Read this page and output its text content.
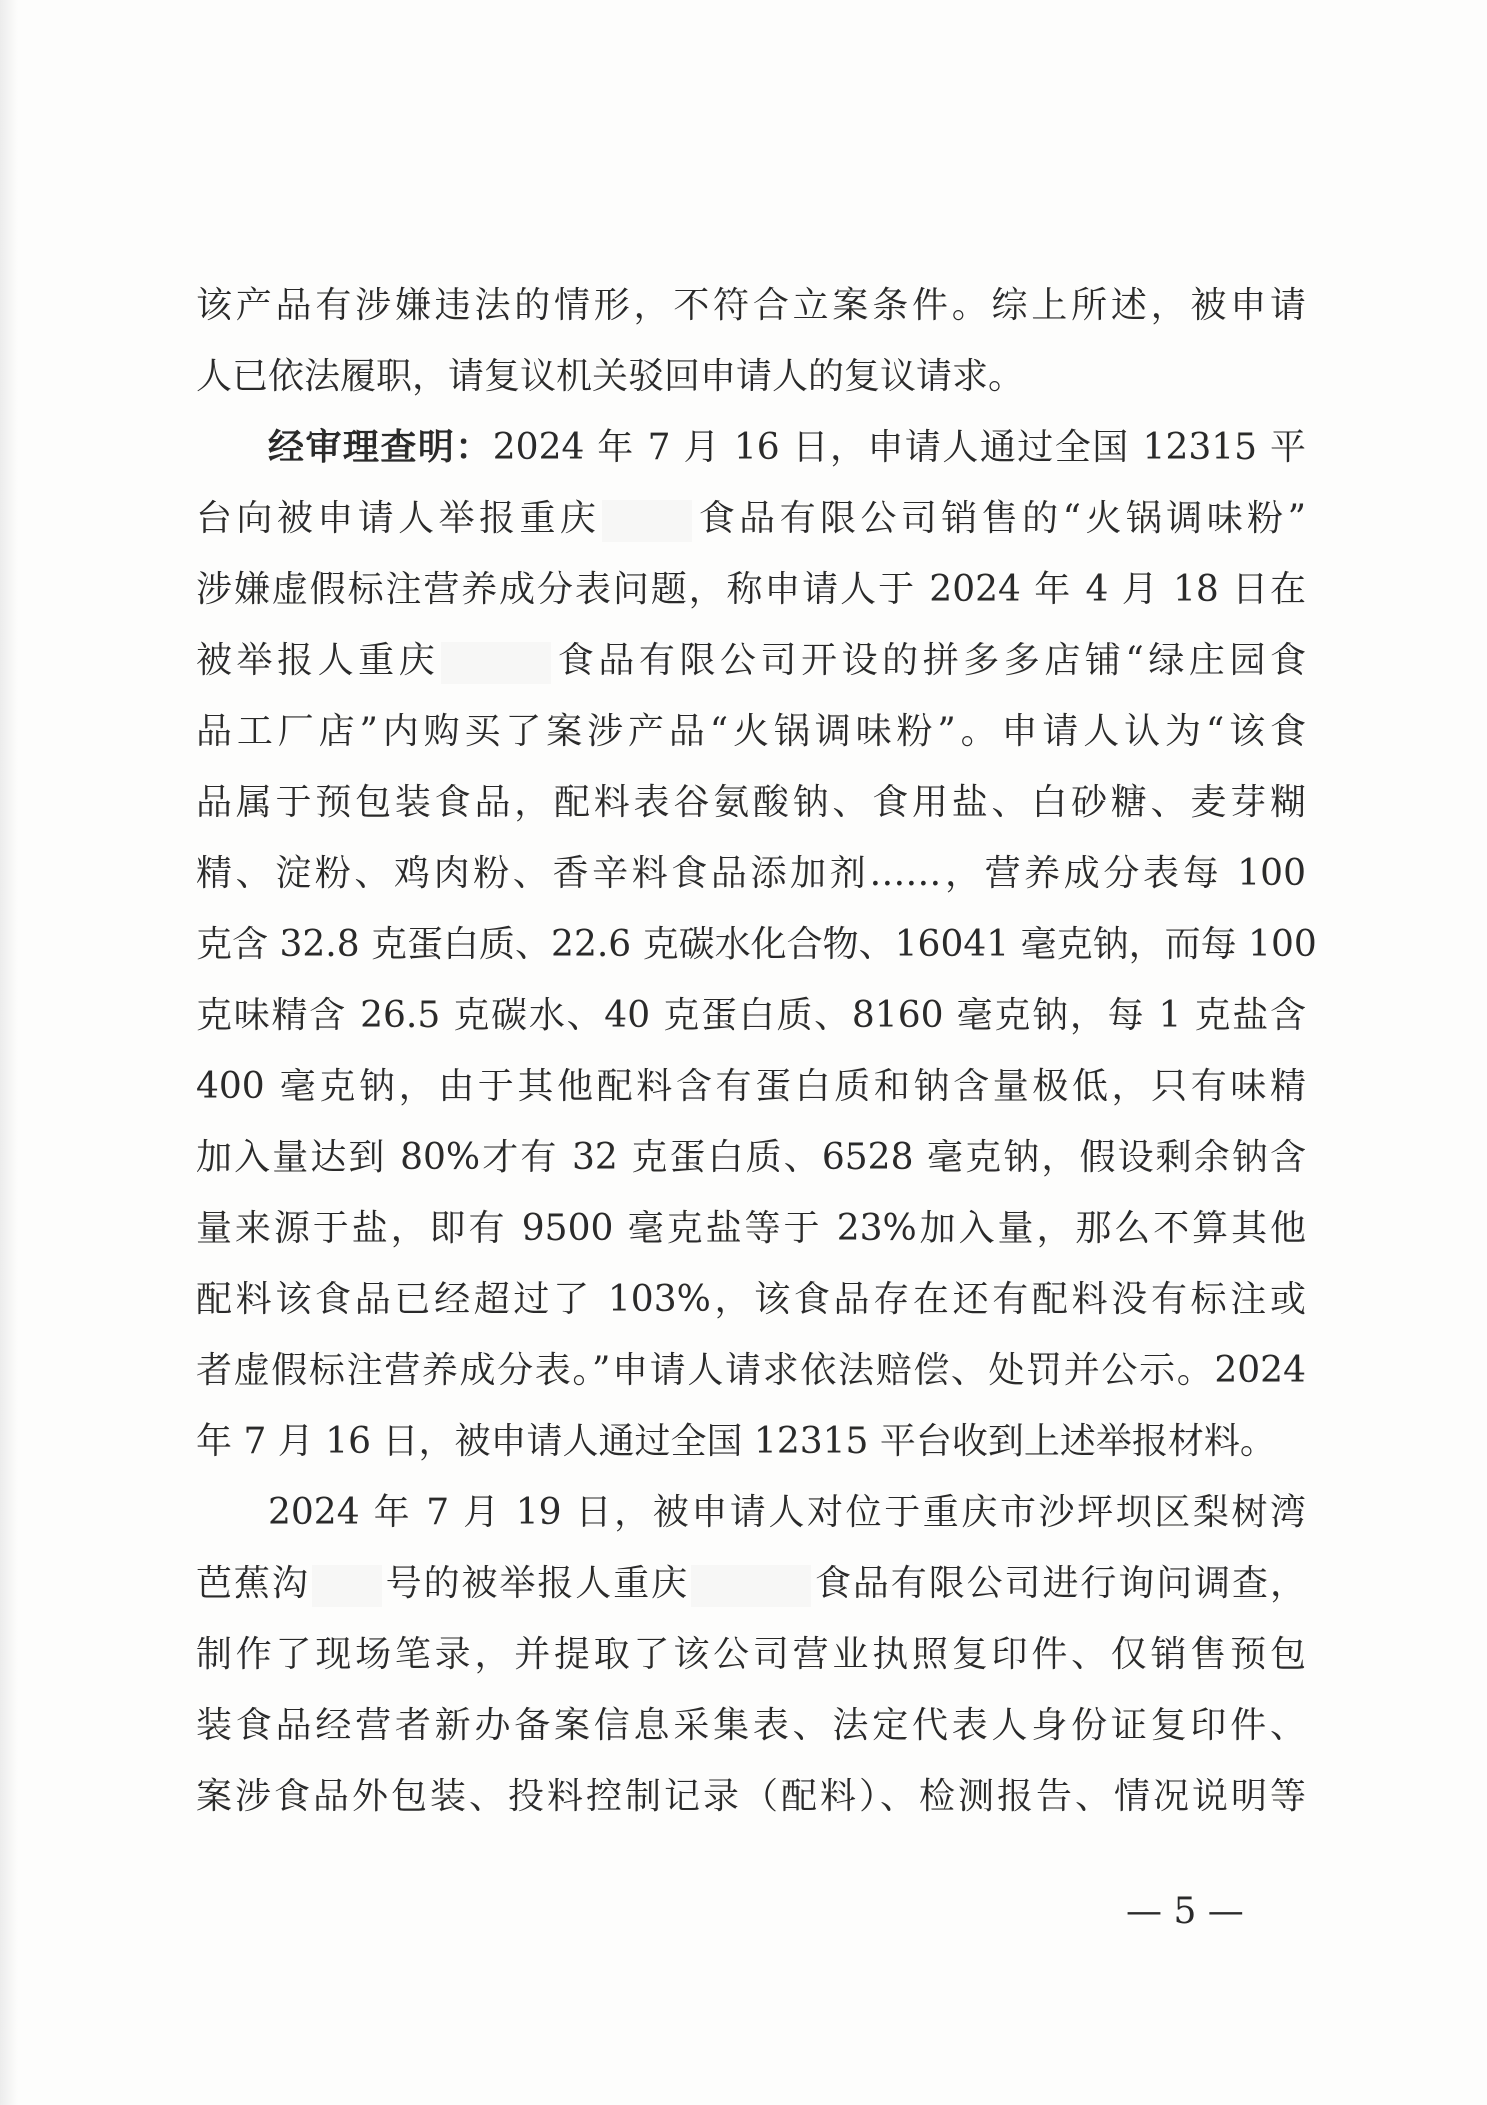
该产品有涉嫌违法的情形，不符合立案条件。综上所述，被申请
人已依法履职，请复议机关驳回申请人的复议请求。
经审理查明：2024 年 7 月 16 日，申请人通过全国 12315 平
台向被申请人举报重庆	食品有限公司销售的“火锅调味粉”
涉嫌虚假标注营养成分表问题，称申请人于 2024 年 4 月 18 日在
被举报人重庆	食品有限公司开设的拼多多店铺“绿庄园食
品工厂店”内购买了案涉产品“火锅调味粉”。申请人认为“该食
品属于预包装食品，配料表谷氨酸钠、食用盐、白砂糖、麦芽糊
精、淀粉、鸡肉粉、香辛料食品添加剂……，营养成分表每 100
克含 32.8 克蛋白质、22.6 克碳水化合物、16041 毫克钠，而每 100
克味精含 26.5 克碳水、40 克蛋白质、8160 毫克钠，每 1 克盐含
400 毫克钠，由于其他配料含有蛋白质和钠含量极低，只有味精
加入量达到 80%才有 32 克蛋白质、6528 毫克钠，假设剩余钠含
量来源于盐，即有 9500 毫克盐等于 23%加入量，那么不算其他
配料该食品已经超过了 103%，该食品存在还有配料没有标注或
者虚假标注营养成分表。”申请人请求依法赔偿、处罚并公示。2024
年 7 月 16 日，被申请人通过全国 12315 平台收到上述举报材料。
2024 年 7 月 19 日，被申请人对位于重庆市沙坪坝区梨树湾
芭蕉沟 号的被举报人重庆	食品有限公司进行询问调查，
制作了现场笔录，并提取了该公司营业执照复印件、仅销售预包
装食品经营者新办备案信息采集表、法定代表人身份证复印件、
案涉食品外包装、投料控制记录（配料）、检测报告、情况说明等
— 5 —
